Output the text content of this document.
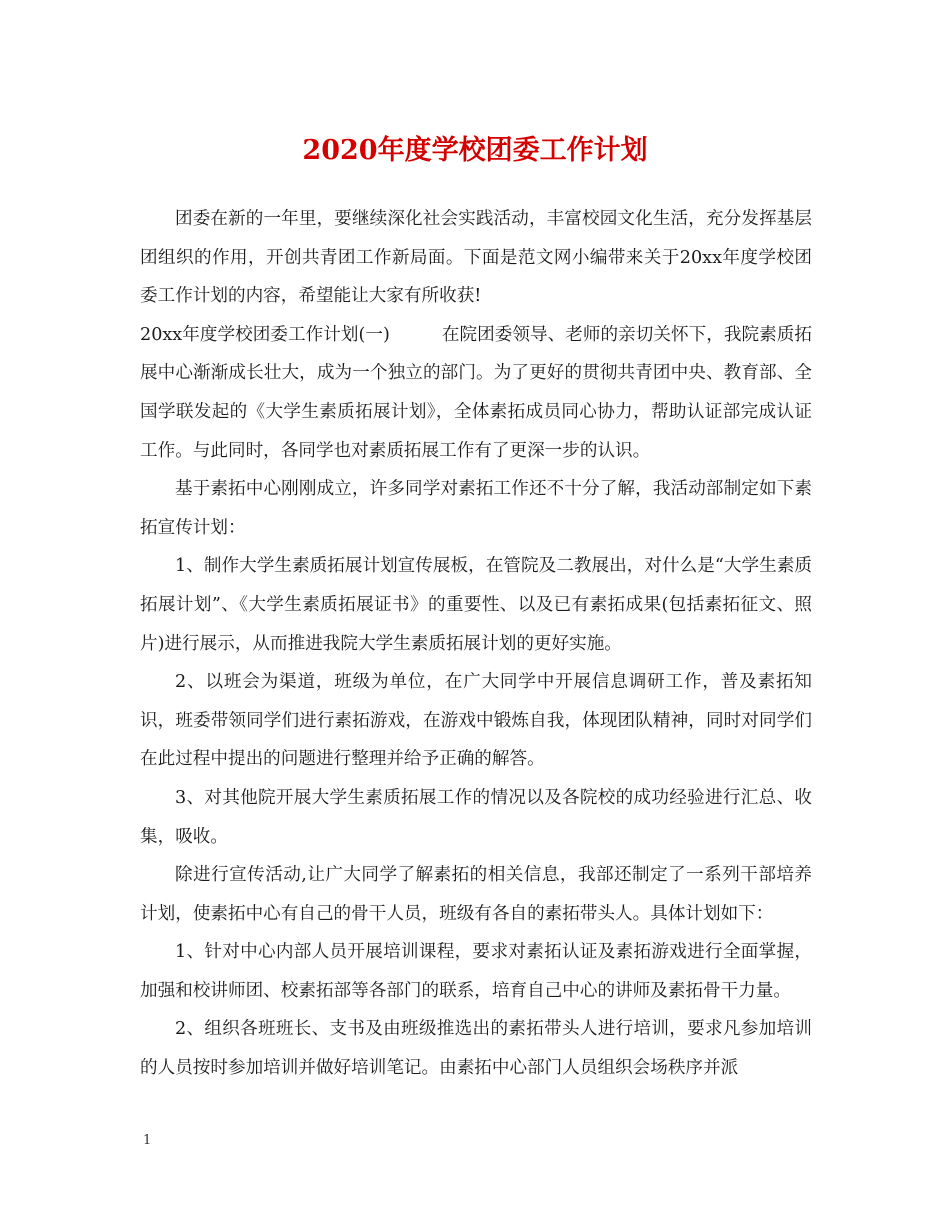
2020年度学校团委工作计划

团委在新的一年里，要继续深化社会实践活动，丰富校园文化生活，充分发挥基层团组织的作用，开创共青团工作新局面。下面是范文网小编带来关于20xx年度学校团委工作计划的内容，希望能让大家有所收获!

20xx年度学校团委工作计划(一)	在院团委领导、老师的亲切关怀下，我院素质拓展中心渐渐成长壮大，成为一个独立的部门。为了更好的贯彻共青团中央、教育部、全国学联发起的《大学生素质拓展计划》，全体素拓成员同心协力，帮助认证部完成认证工作。与此同时，各同学也对素质拓展工作有了更深一步的认识。

基于素拓中心刚刚成立，许多同学对素拓工作还不十分了解，我活动部制定如下素拓宣传计划：

1、制作大学生素质拓展计划宣传展板，在管院及二教展出，对什么是“大学生素质拓展计划”、《大学生素质拓展证书》的重要性、以及已有素拓成果(包括素拓征文、照片)进行展示，从而推进我院大学生素质拓展计划的更好实施。

2、以班会为渠道，班级为单位，在广大同学中开展信息调研工作，普及素拓知识，班委带领同学们进行素拓游戏，在游戏中锻炼自我，体现团队精神，同时对同学们在此过程中提出的问题进行整理并给予正确的解答。

3、对其他院开展大学生素质拓展工作的情况以及各院校的成功经验进行汇总、收集，吸收。

除进行宣传活动,让广大同学了解素拓的相关信息，我部还制定了一系列干部培养计划，使素拓中心有自己的骨干人员，班级有各自的素拓带头人。具体计划如下：

1、针对中心内部人员开展培训课程，要求对素拓认证及素拓游戏进行全面掌握，加强和校讲师团、校素拓部等各部门的联系，培育自己中心的讲师及素拓骨干力量。

2、组织各班班长、支书及由班级推选出的素拓带头人进行培训，要求凡参加培训的人员按时参加培训并做好培训笔记。由素拓中心部门人员组织会场秩序并派

1
